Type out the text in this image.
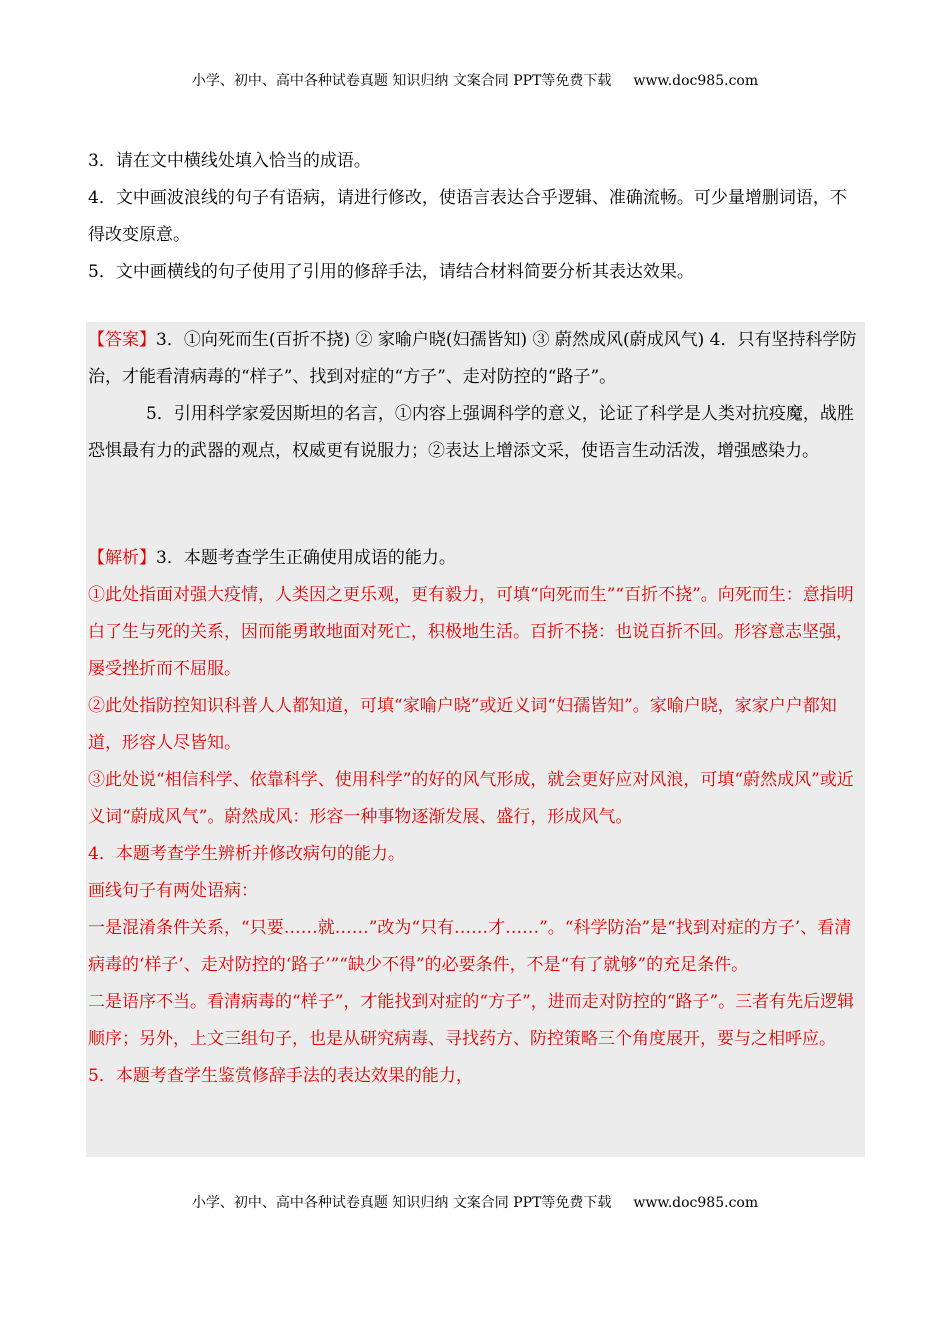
小学、初中、高中各种试卷真题 知识归纳 文案合同 PPT等免费下载 www.doc985.com

3．请在文中横线处填入恰当的成语。

4．文中画波浪线的句子有语病，请进行修改，使语言表达合乎逻辑、准确流畅。可少量增删词语，不得改变原意。

5．文中画横线的句子使用了引用的修辞手法，请结合材料简要分析其表达效果。

【答案】3．①向死而生(百折不挠) ② 家喻户晓(妇孺皆知) ③ 蔚然成风(蔚成风气) 4．只有坚持科学防治，才能看清病毒的“样子”、找到对症的“方子”、走对防控的“路子”。

5．引用科学家爱因斯坦的名言，①内容上强调科学的意义，论证了科学是人类对抗疫魔，战胜恐惧最有力的武器的观点，权威更有说服力；②表达上增添文采，使语言生动活泼，增强感染力。

【解析】3．本题考查学生正确使用成语的能力。

①此处指面对强大疫情，人类因之更乐观，更有毅力，可填“向死而生”“百折不挠”。向死而生：意指明白了生与死的关系，因而能勇敢地面对死亡，积极地生活。百折不挠：也说百折不回。形容意志坚强，屡受挫折而不屈服。

②此处指防控知识科普人人都知道，可填“家喻户晓”或近义词“妇孺皆知”。家喻户晓，家家户户都知道，形容人尽皆知。

③此处说“相信科学、依靠科学、使用科学”的好的风气形成，就会更好应对风浪，可填“蔚然成风”或近义词“蔚成风气”。蔚然成风：形容一种事物逐渐发展、盛行，形成风气。

4．本题考查学生辨析并修改病句的能力。

画线句子有两处语病：

一是混淆条件关系，“只要……就……”改为“只有……才……”。“科学防治”是“找到对症的方子’、看清病毒的‘样子’、走对防控的‘路子’”“缺少不得”的必要条件，不是“有了就够”的充足条件。

二是语序不当。看清病毒的“样子”，才能找到对症的“方子”，进而走对防控的“路子”。三者有先后逻辑顺序；另外，上文三组句子，也是从研究病毒、寻找药方、防控策略三个角度展开，要与之相呼应。

5．本题考查学生鉴赏修辞手法的表达效果的能力，

小学、初中、高中各种试卷真题 知识归纳 文案合同 PPT等免费下载 www.doc985.com
